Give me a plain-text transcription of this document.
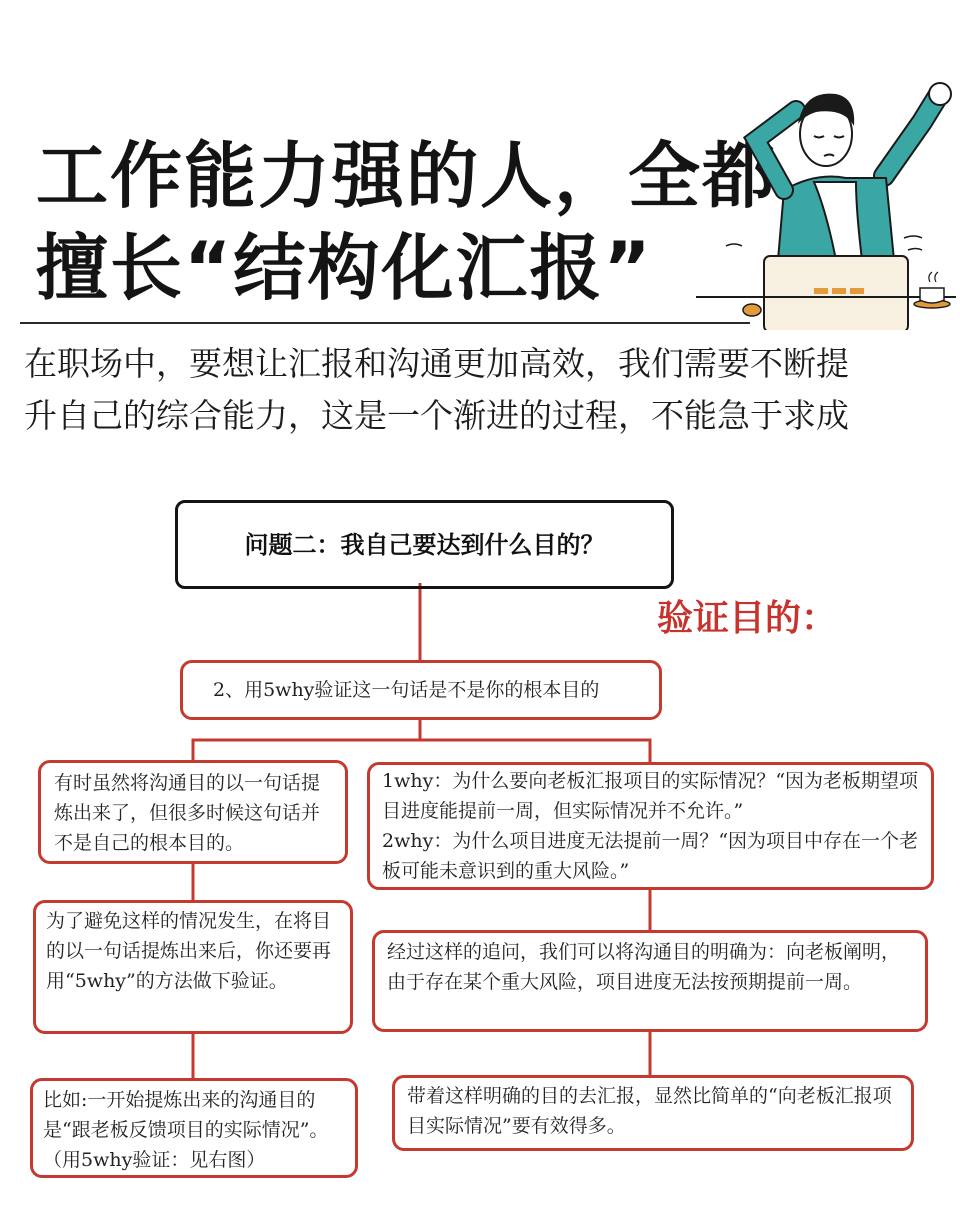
工作能力强的人，全都
擅长“结构化汇报”
在职场中，要想让汇报和沟通更加高效，我们需要不断提
升自己的综合能力，这是一个渐进的过程，不能急于求成
问题二：我自己要达到什么目的？
验证目的：
2、用5why验证这一句话是不是你的根本目的

有时虽然将沟通目的以一句话提炼出来了，但很多时候这句话并不是自己的根本目的。

为了避免这样的情况发生，在将目的以一句话提炼出来后，你还要再用“5why”的方法做下验证。

比如:一开始提炼出来的沟通目的是“跟老板反馈项目的实际情况”。（用5why验证：见右图）

1why：为什么要向老板汇报项目的实际情况？“因为老板期望项目进度能提前一周，但实际情况并不允许。”

2why：为什么项目进度无法提前一周？“因为项目中存在一个老板可能未意识到的重大风险。”

经过这样的追问，我们可以将沟通目的明确为：向老板阐明，由于存在某个重大风险，项目进度无法按预期提前一周。

带着这样明确的目的去汇报，显然比简单的“向老板汇报项目实际情况”要有效得多。
